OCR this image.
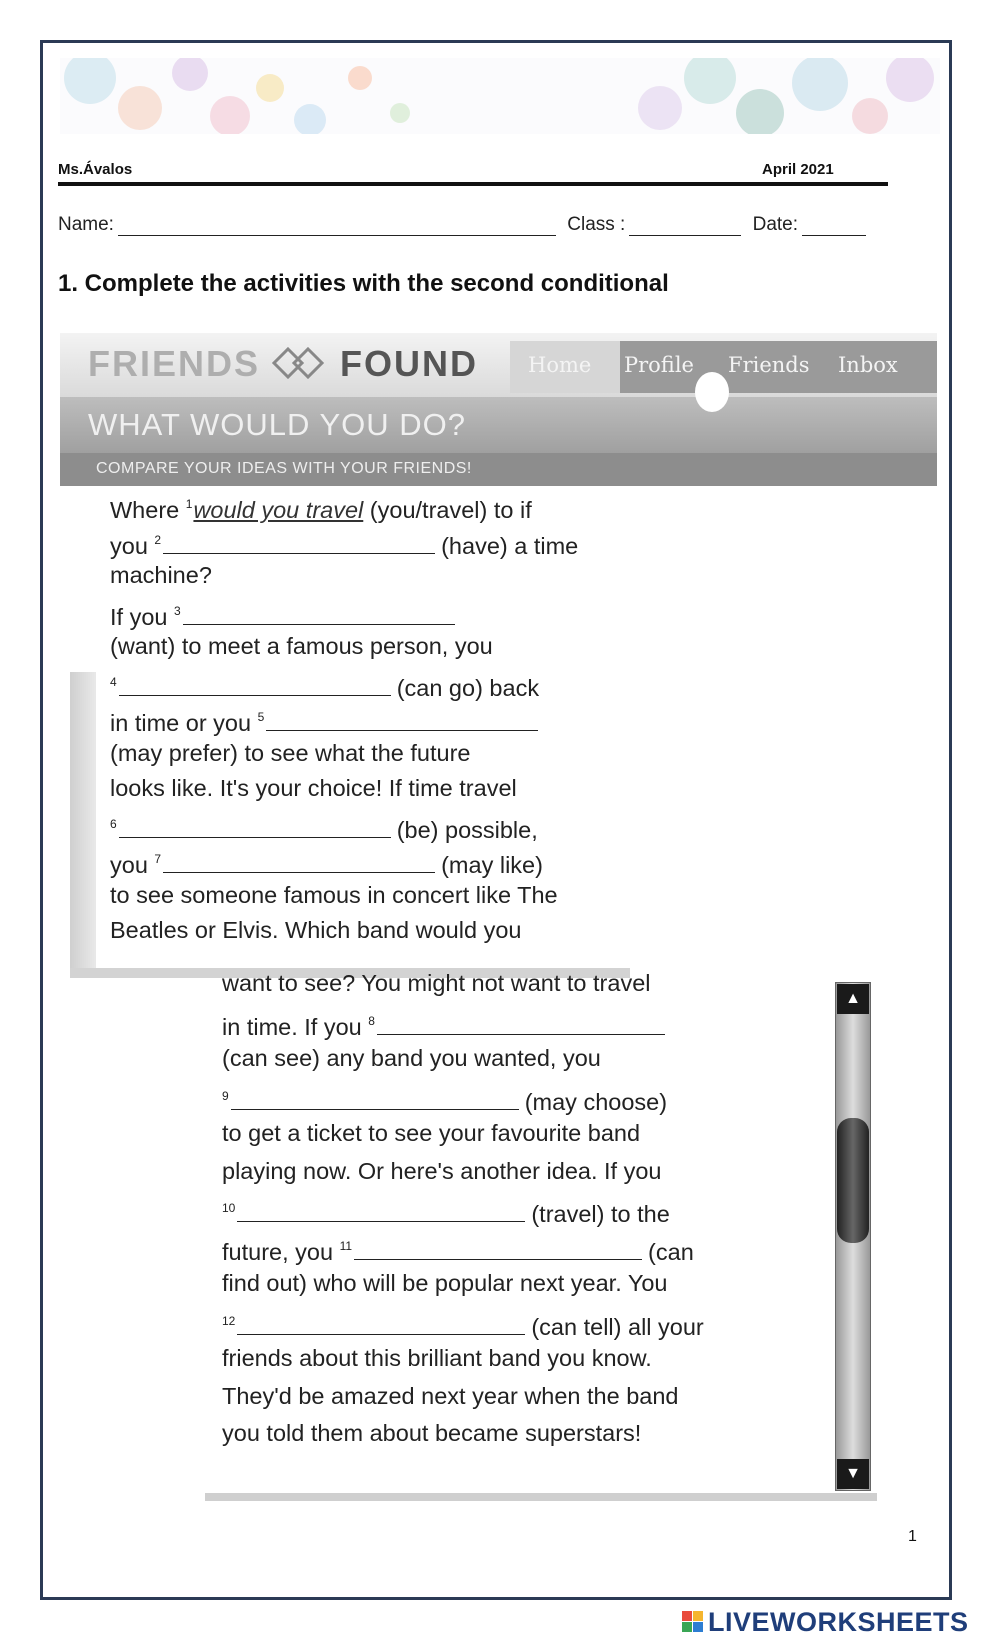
Ms.Ávalos	April 2021
Name:	Class :	Date:
1. Complete the activities with the second conditional
FRIENDS FOUND Home Profile Friends Inbox
WHAT WOULD YOU DO?
COMPARE YOUR IDEAS WITH YOUR FRIENDS!

Where $^1$would you travel (you/travel) to if

you $^2$	(have) a time

machine?

If you $^3$

(want) to meet a famous person, you

$^4$	(can go) back

in time or you $^5$

(may prefer) to see what the future

looks like. It's your choice! If time travel

$^6$	(be) possible,

you $^7$	(may like)

to see someone famous in concert like The

Beatles or Elvis. Which band would you

want to see? You might not want to travel

in time. If you $^8$

(can see) any band you wanted, you

$^9$	(may choose)

to get a ticket to see your favourite band

playing now. Or here's another idea. If you

$^{10}$	(travel) to the

future, you $^{11}$	(can

find out) who will be popular next year. You

$^{12}$	(can tell) all your

friends about this brilliant band you know.

They'd be amazed next year when the band

you told them about became superstars!

▲
▼
1
LIVEWORKSHEETS
